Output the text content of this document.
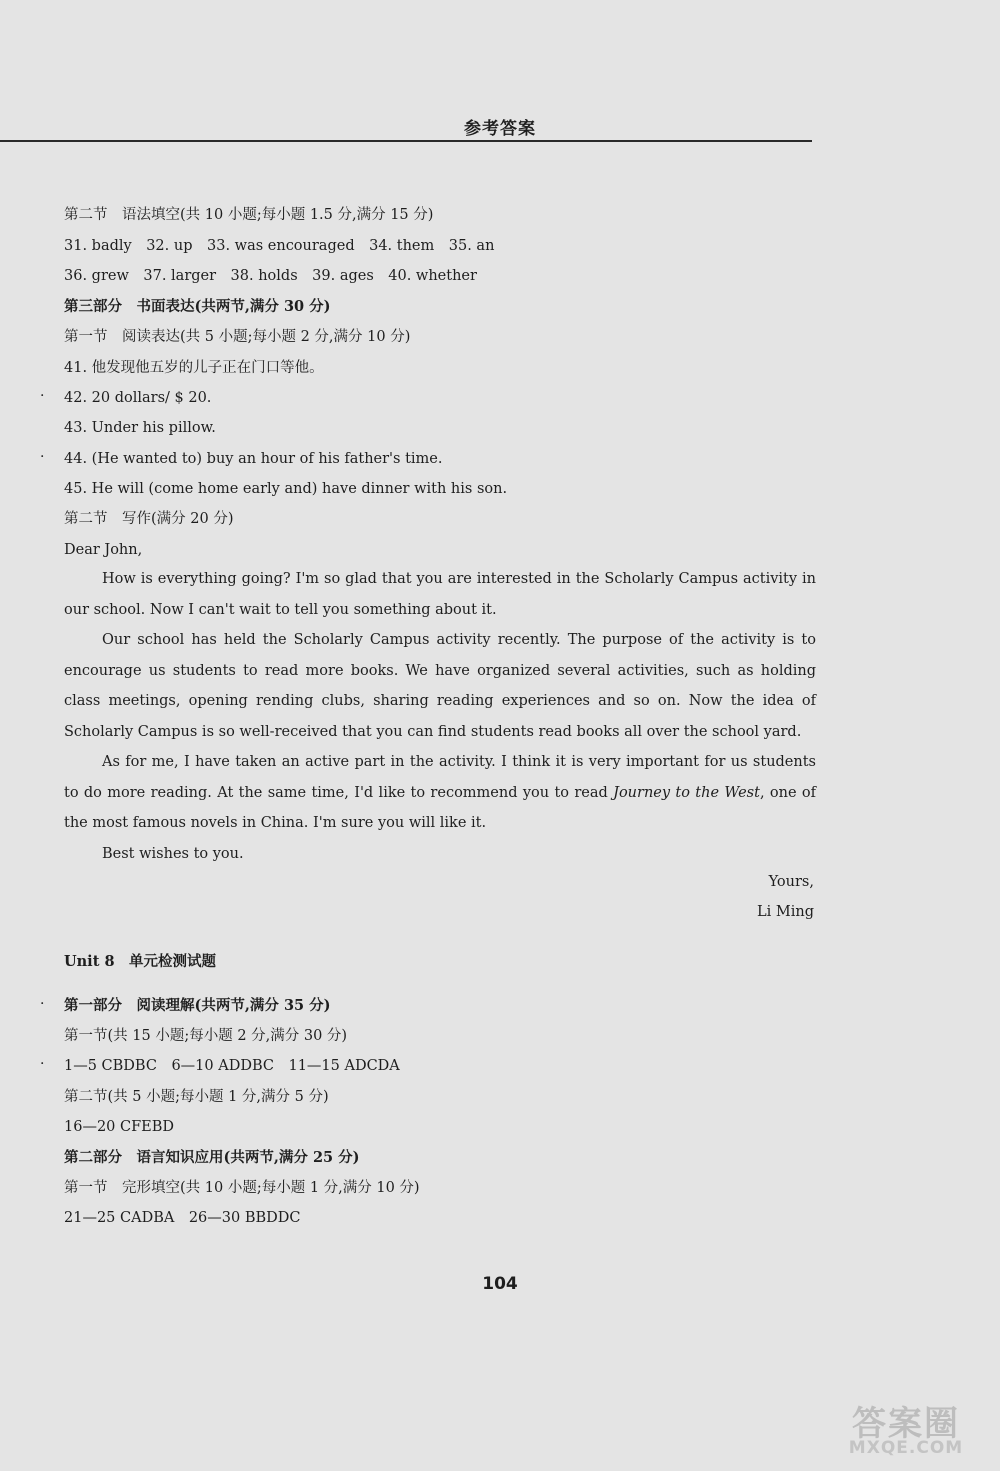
参考答案
第二节　语法填空(共 10 小题;每小题 1.5 分,满分 15 分)
31. badly　32. up　33. was encouraged　34. them　35. an
36. grew　37. larger　38. holds　39. ages　40. whether
第三部分　书面表达(共两节,满分 30 分)
第一节　阅读表达(共 5 小题;每小题 2 分,满分 10 分)
41. 他发现他五岁的儿子正在门口等他。
· 42. 20 dollars/ $ 20.
43. Under his pillow.
· 44. (He wanted to) buy an hour of his father's time.
45. He will (come home early and) have dinner with his son.
第二节　写作(满分 20 分)
Dear John,

How is everything going? I'm so glad that you are interested in the Scholarly Campus activity in our school. Now I can't wait to tell you something about it.

Our school has held the Scholarly Campus activity recently. The purpose of the activity is to encourage us students to read more books. We have organized several activities, such as holding class meetings, opening rending clubs, sharing reading experiences and so on. Now the idea of Scholarly Campus is so well-received that you can find students read books all over the school yard.

As for me, I have taken an active part in the activity. I think it is very important for us students to do more reading. At the same time, I'd like to recommend you to read Journey to the West, one of the most famous novels in China. I'm sure you will like it.

Best wishes to you.

Yours,
Li Ming
Unit 8　单元检测试题
· 第一部分　阅读理解(共两节,满分 35 分)
第一节(共 15 小题;每小题 2 分,满分 30 分)
· 1—5 CBDBC　6—10 ADDBC　11—15 ADCDA
第二节(共 5 小题;每小题 1 分,满分 5 分)
16—20 CFEBD
第二部分　语言知识应用(共两节,满分 25 分)
第一节　完形填空(共 10 小题;每小题 1 分,满分 10 分)
21—25 CADBA　26—30 BBDDC
104
答案圈
MXQE.COM
